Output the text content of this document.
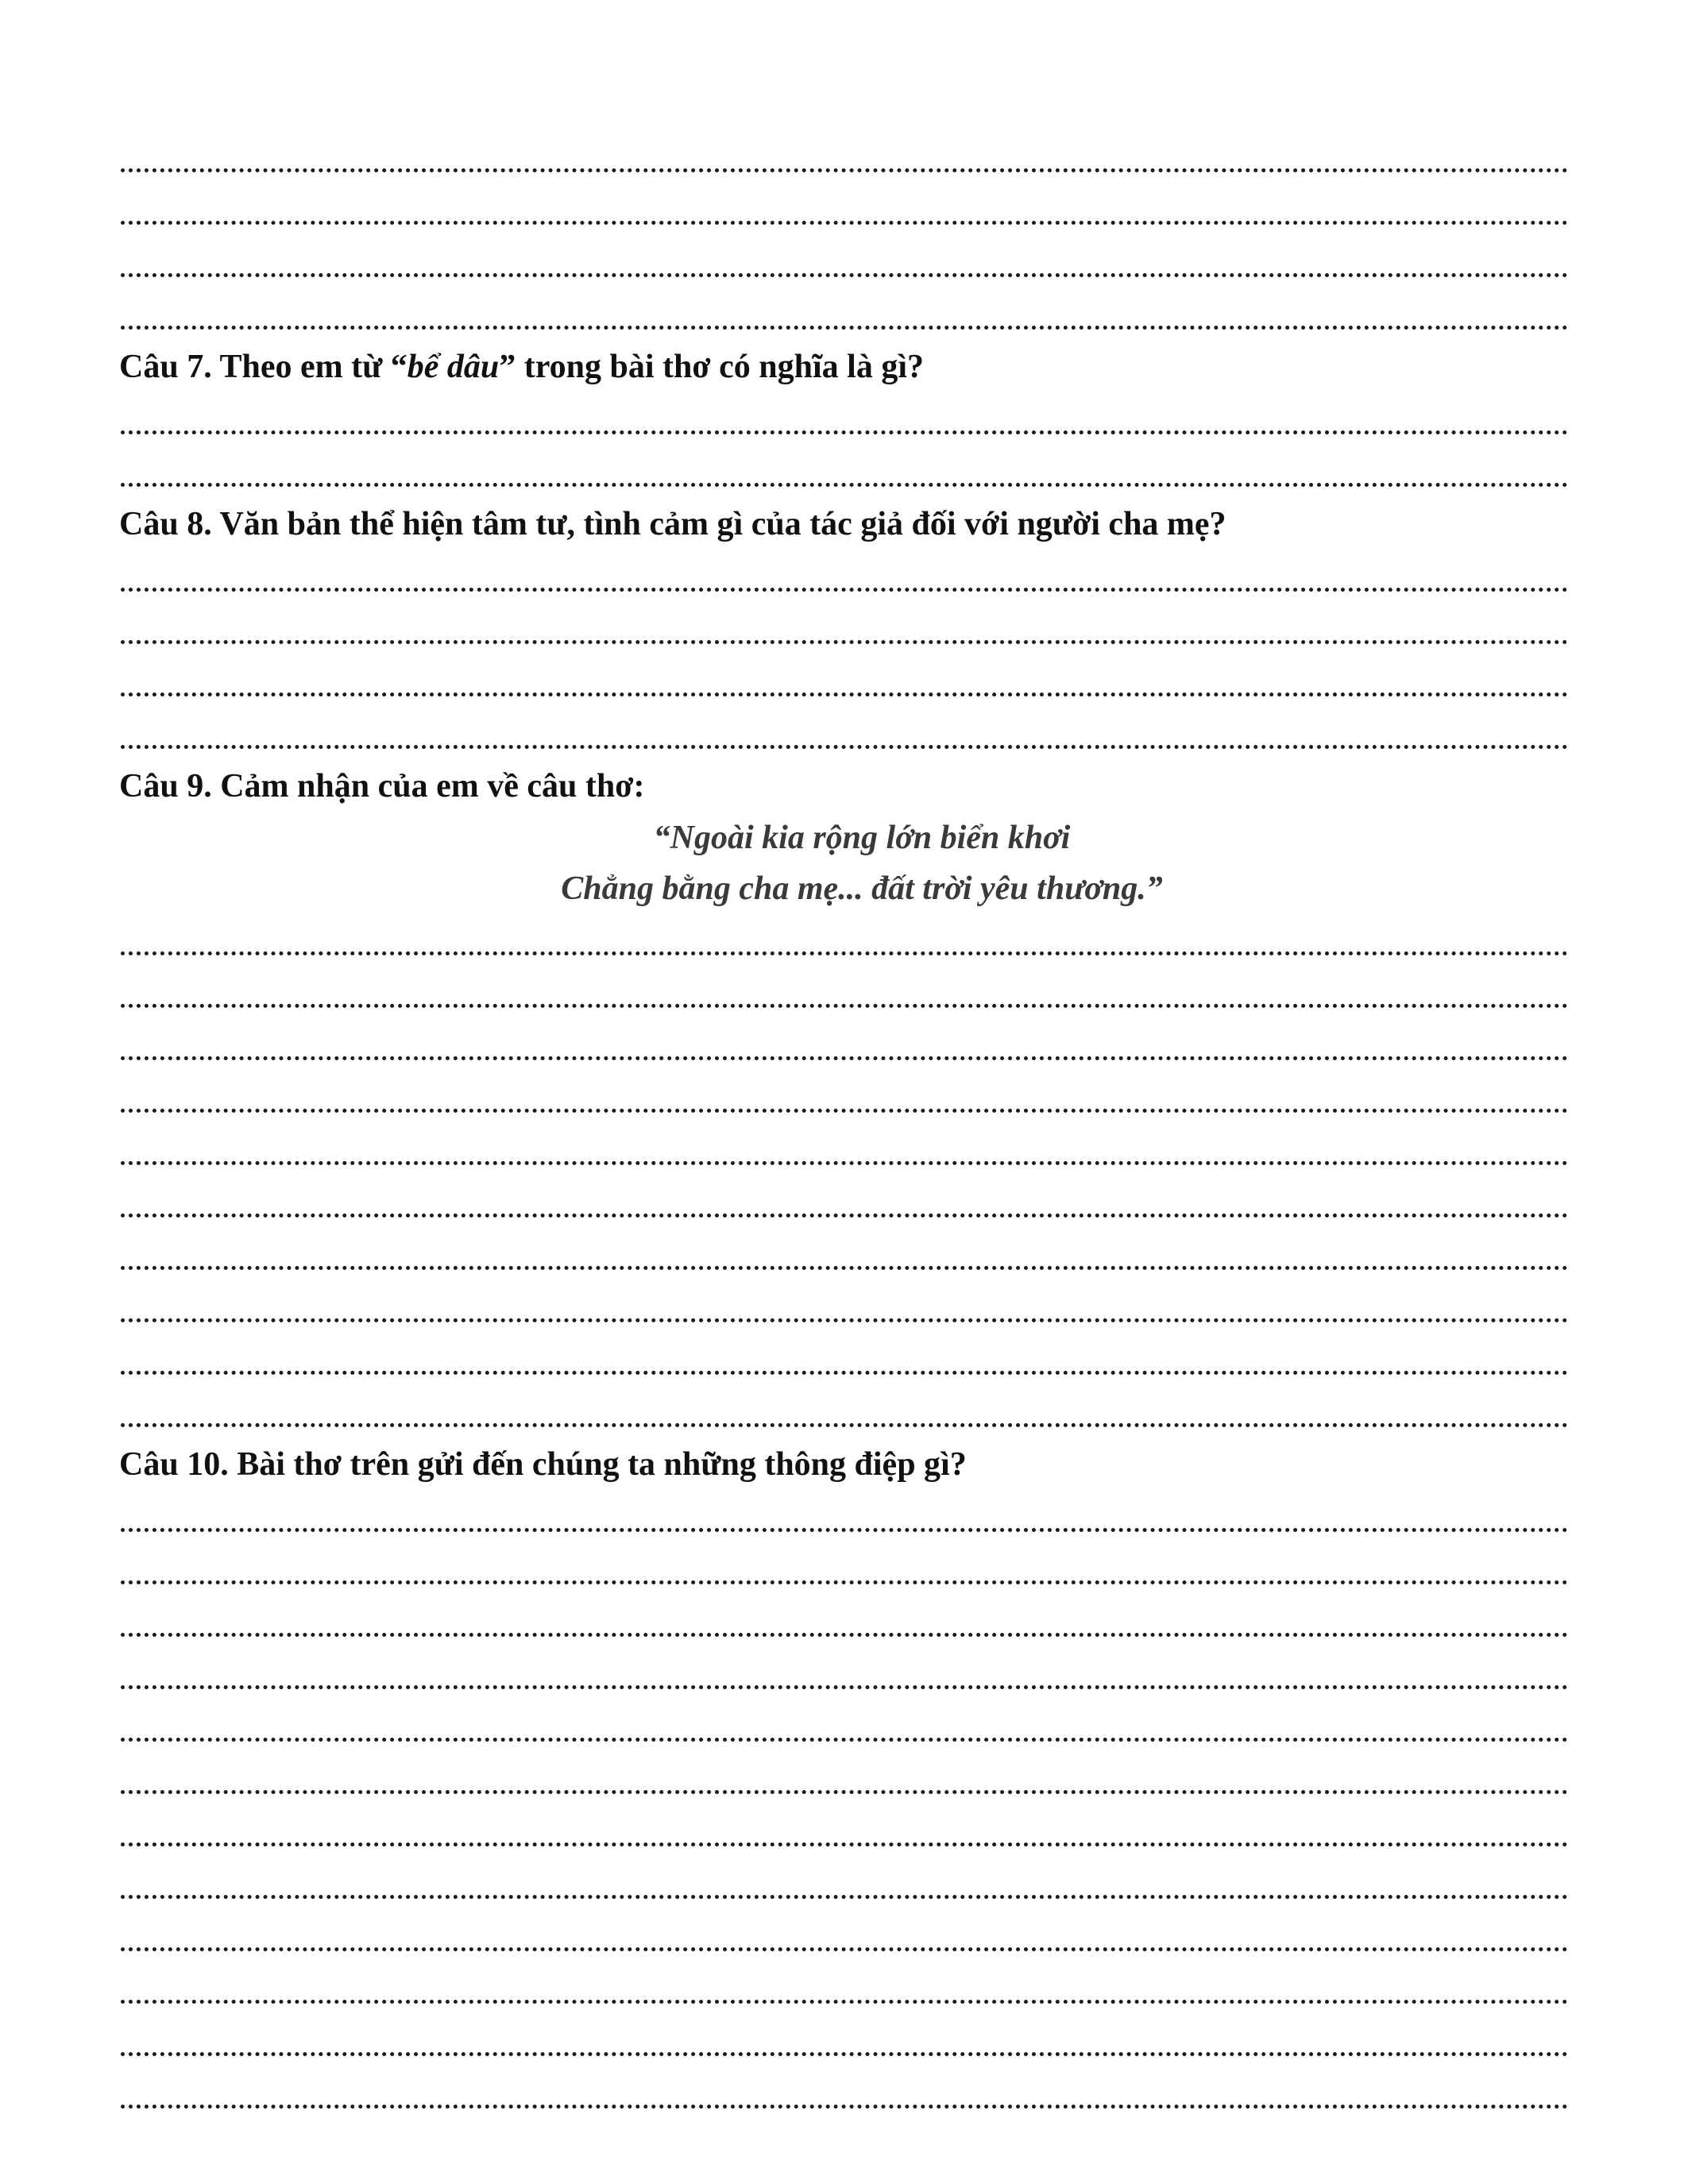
Câu 7. Theo em từ “bể dâu” trong bài thơ có nghĩa là gì?

Câu 8. Văn bản thể hiện tâm tư, tình cảm gì của tác giả đối với người cha mẹ?

Câu 9. Cảm nhận của em về câu thơ:

“Ngoài kia rộng lớn biển khơi

Chẳng bằng cha mẹ... đất trời yêu thương.”

Câu 10. Bài thơ trên gửi đến chúng ta những thông điệp gì?
